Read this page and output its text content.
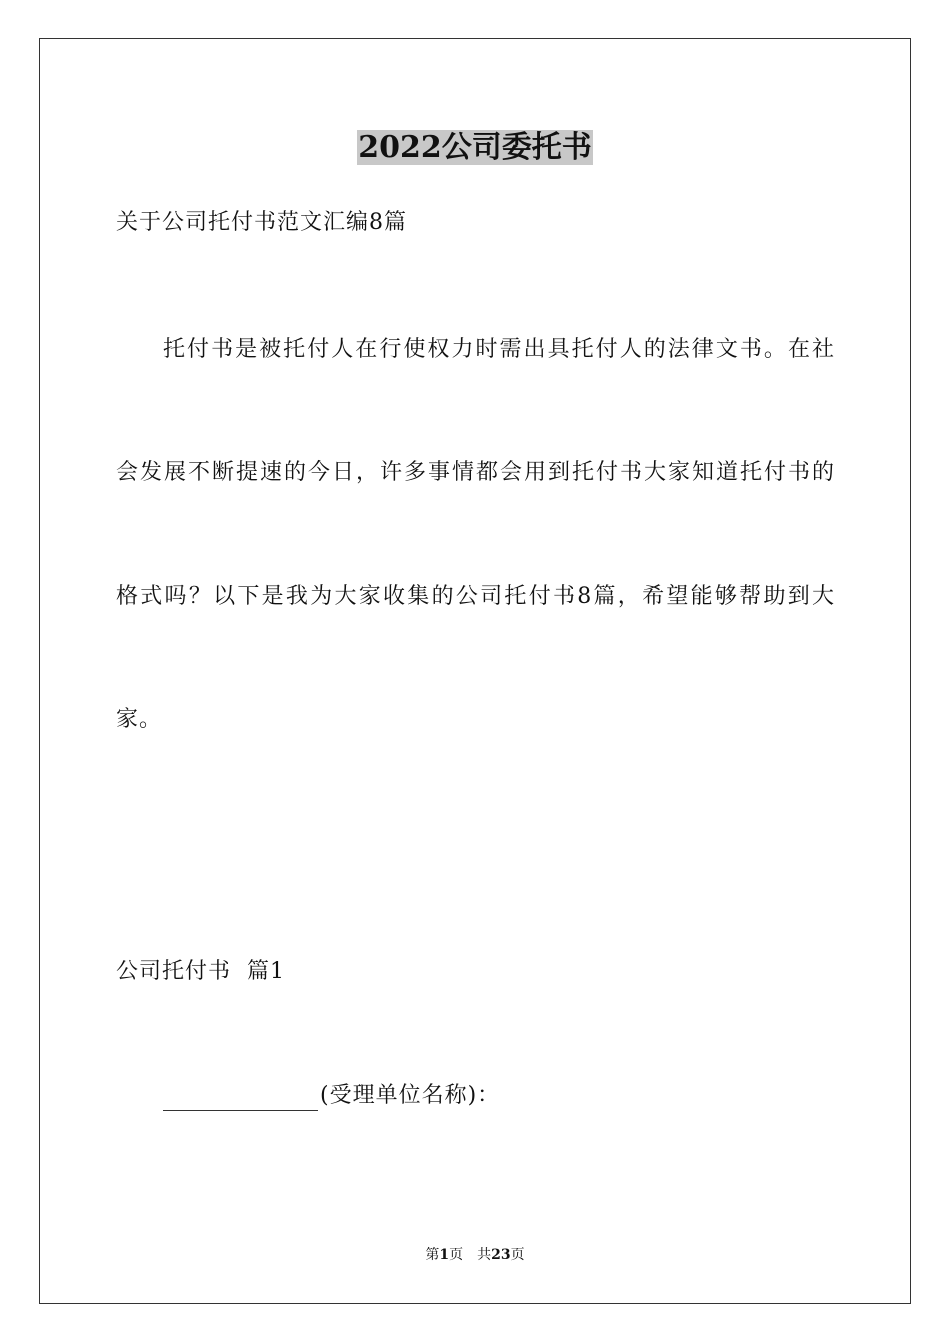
2022公司委托书
关于公司托付书范文汇编8篇
托付书是被托付人在行使权力时需出具托付人的法律文书。在社
会发展不断提速的今日，许多事情都会用到托付书大家知道托付书的
格式吗？以下是我为大家收集的公司托付书8篇，希望能够帮助到大
家。
公司托付书  篇1
(受理单位名称)：
第1页　共23页
